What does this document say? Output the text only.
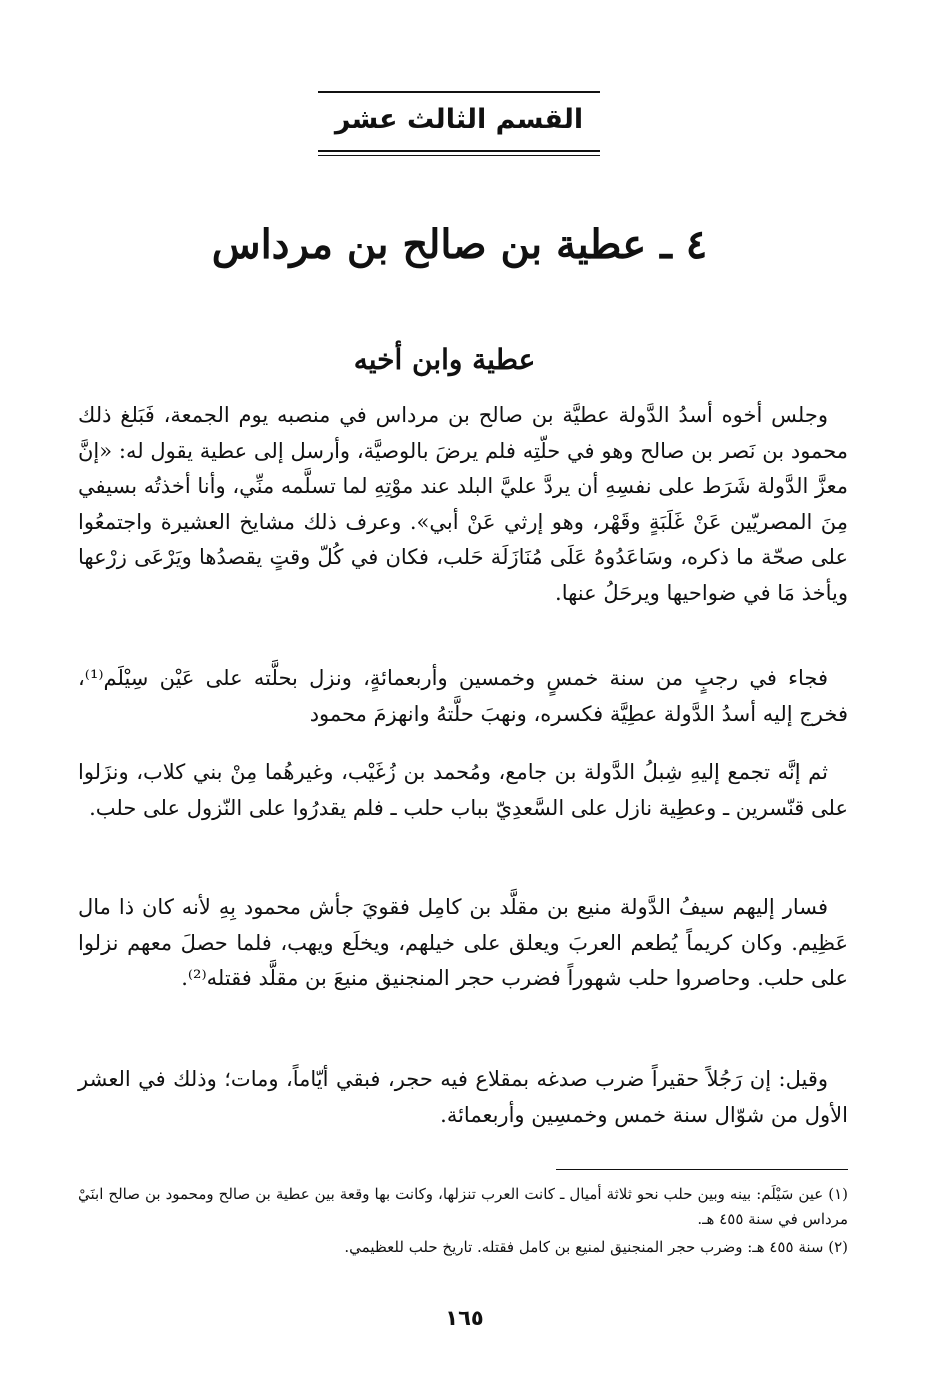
القسم الثالث عشر
٤ ـ عطية بن صالح بن مرداس
عطية وابن أخيه

وجلس أخوه أسدُ الدَّولة عطيَّة بن صالح بن مرداس في منصبه يوم الجمعة، فَبَلغ ذلك محمود بن نَصر بن صالح وهو في حلّتِه فلم يرضَ بالوصيَّة، وأرسل إلى عطية يقول له: «إنَّ معزَّ الدَّولة شَرَط على نفسِهِ أن يردَّ عليَّ البلد عند موْتِهِ لما تسلَّمه منِّي، وأنا أخذتُه بسيفي مِنَ المصريّين عَنْ غَلَبَةٍ وقَهْر، وهو إرثي عَنْ أبي». وعرف ذلك مشايخ العشيرة واجتمعُوا على صحّة ما ذكره، وسَاعَدُوهُ عَلَى مُنَازَلَة حَلب، فكان في كُلّ وقتٍ يقصدُها ويَرْعَى زرْعها ويأخذ مَا في ضواحيها ويرحَلُ عنها.

فجاء في رجبٍ من سنة خمسٍ وخمسين وأربعمائةٍ، ونزل بحلَّته على عَيْن سِيْلَم⁽¹⁾، فخرج إليه أسدُ الدَّولة عطِيَّة فكسره، ونهبَ حلَّتهُ وانهزمَ محمود

ثم إنَّه تجمع إليهِ شِبلُ الدَّولة بن جامع، ومُحمد بن زُغَيْب، وغيرهُما مِنْ بني كلاب، ونزَلوا على قنّسرين ـ وعطِية نازل على السَّعدِيّ بباب حلب ـ فلم يقدرُوا على النّزول على حلب.

فسار إليهم سيفُ الدَّولة منيع بن مقلَّد بن كامِل فقويَ جأش محمود بِهِ لأنه كان ذا مال عَظِيم. وكان كريماً يُطعم العربَ ويعلق على خيلهم، ويخلَع ويهب، فلما حصلَ معهم نزلوا على حلب. وحاصروا حلب شهوراً فضرب حجر المنجنيق منيعَ بن مقلَّد فقتله⁽²⁾.

وقيل: إن رَجُلاً حقيراً ضرب صدغه بمقلاع فيه حجر، فبقي أيّاماً، ومات؛ وذلك في العشر الأول من شوّال سنة خمس وخمسِين وأربعمائة.

(١) عين سَيْلَم: بينه وبين حلب نحو ثلاثة أميال ـ كانت العرب تنزلها، وكانت بها وقعة بين عطية بن صالح ومحمود بن صالح ابنَيْ مرداس في سنة ٤٥٥ هـ.

(٢) سنة ٤٥٥ هـ: وضرب حجر المنجنيق لمنيع بن كامل فقتله. تاريخ حلب للعظيمي.

١٦٥
